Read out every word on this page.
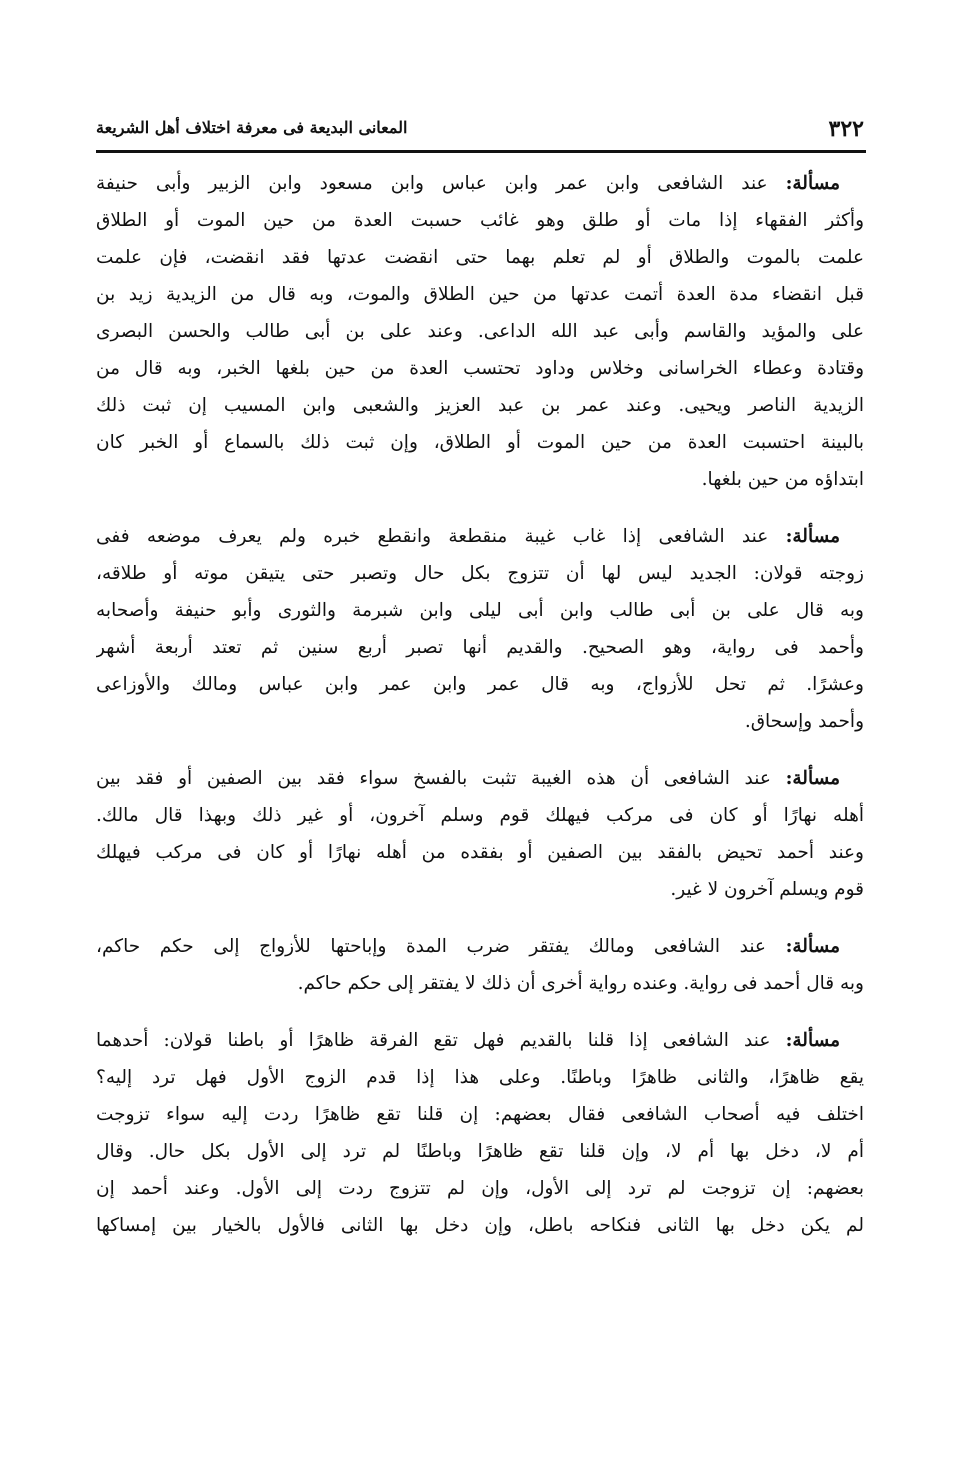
٣٢٢
المعانى البديعة فى معرفة اختلاف أهل الشريعة
مسألة: عند الشافعى وابن عمر وابن عباس وابن مسعود وابن الزبير وأبى حنيفة
وأكثر الفقهاء إذا مات أو طلق وهو غائب حسبت العدة من حين الموت أو الطلاق
علمت بالموت والطلاق أو لم تعلم بهما حتى انقضت عدتها فقد انقضت، فإن علمت
قبل انقضاء مدة العدة أتمت عدتها من حين الطلاق والموت، وبه قال من الزيدية زيد بن
على والمؤيد والقاسم وأبى عبد الله الداعى. وعند على بن أبى طالب والحسن البصرى
وقتادة وعطاء الخراسانى وخلاس وداود تحتسب العدة من حين بلغها الخبر، وبه قال من
الزيدية الناصر ويحيى. وعند عمر بن عبد العزيز والشعبى وابن المسيب إن ثبت ذلك
بالبينة احتسبت العدة من حين الموت أو الطلاق، وإن ثبت ذلك بالسماع أو الخبر كان
ابتداؤه من حين بلغها.
مسألة: عند الشافعى إذا غاب غيبة منقطعة وانقطع خبره ولم يعرف موضعه ففى
زوجته قولان: الجديد ليس لها أن تتزوج بكل حال وتصبر حتى يتيقن موته أو طلاقه،
وبه قال على بن أبى طالب وابن أبى ليلى وابن شبرمة والثورى وأبو حنيفة وأصحابه
وأحمد فى رواية، وهو الصحيح. والقديم أنها تصبر أربع سنين ثم تعتد أربعة أشهر
وعشرًا. ثم تحل للأزواج، وبه قال عمر وابن عمر وابن عباس ومالك والأوزاعى
وأحمد وإسحاق.
مسألة: عند الشافعى أن هذه الغيبة تثبت بالفسخ سواء فقد بين الصفين أو فقد بين
أهله نهارًا أو كان فى مركب فيهلك قوم وسلم آخرون، أو غير ذلك وبهذا قال مالك.
وعند أحمد تحيض بالفقد بين الصفين أو بفقده من أهله نهارًا أو كان فى مركب فيهلك
قوم ويسلم آخرون لا غير.
مسألة: عند الشافعى ومالك يفتقر ضرب المدة وإباحتها للأزواج إلى حكم حاكم،
وبه قال أحمد فى رواية. وعنده رواية أخرى أن ذلك لا يفتقر إلى حكم حاكم.
مسألة: عند الشافعى إذا قلنا بالقديم فهل تقع الفرقة ظاهرًا أو باطنا قولان: أحدهما
يقع ظاهرًا، والثانى ظاهرًا وباطنًا. وعلى هذا إذا قدم الزوج الأول فهل ترد إليه؟
اختلف فيه أصحاب الشافعى فقال بعضهم: إن قلنا تقع ظاهرًا ردت إليه سواء تزوجت
أم لا، دخل بها أم لا، وإن قلنا تقع ظاهرًا وباطنًا لم ترد إلى الأول بكل حال. وقال
بعضهم: إن تزوجت لم ترد إلى الأول، وإن لم تتزوج ردت إلى الأول. وعند أحمد إن
لم يكن دخل بها الثانى فنكاحه باطل، وإن دخل بها الثانى فالأول بالخيار بين إمساكها
